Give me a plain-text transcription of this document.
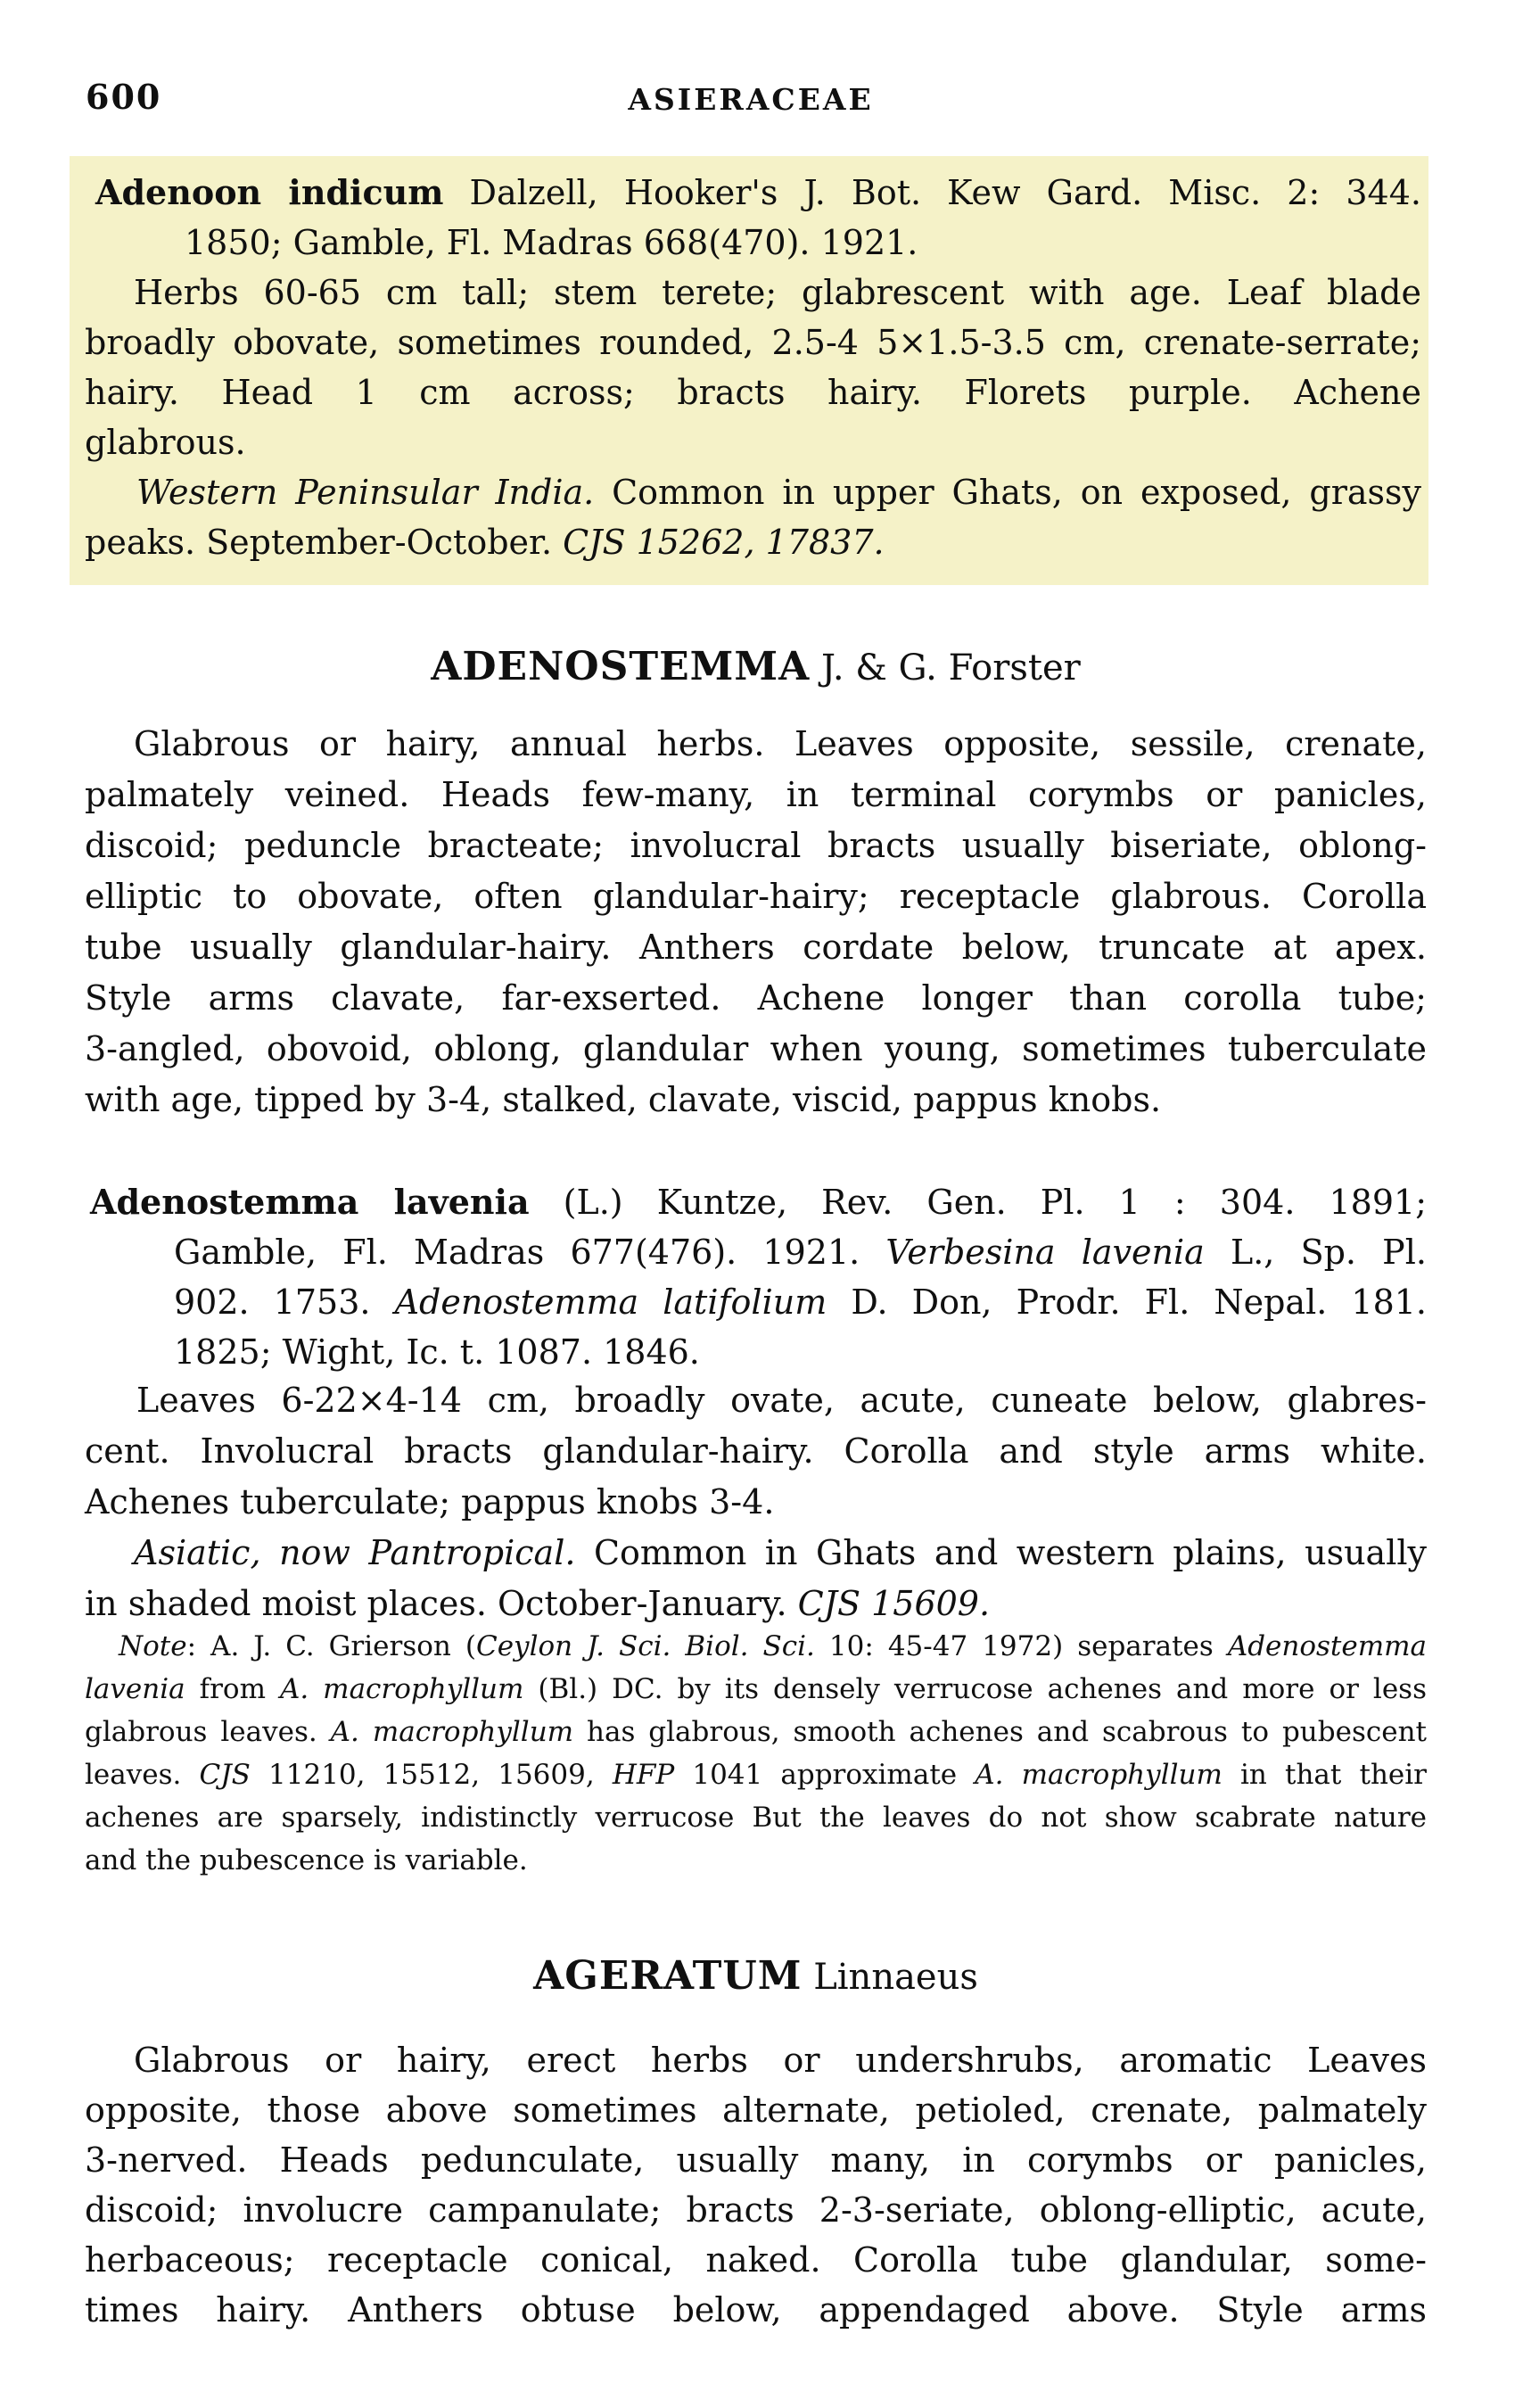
600	ASIERACEAE
Adenoon indicum Dalzell, Hooker's J. Bot. Kew Gard. Misc. 2: 344.
1850; Gamble, Fl. Madras 668(470). 1921.
Herbs 60-65 cm tall; stem terete; glabrescent with age. Leaf blade
broadly obovate, sometimes rounded, 2.5-4 5×1.5-3.5 cm, crenate-serrate;
hairy. Head 1 cm across; bracts hairy. Florets purple. Achene
glabrous.
Western Peninsular India. Common in upper Ghats, on exposed, grassy
peaks. September-October. CJS 15262, 17837.
ADENOSTEMMA J. & G. Forster
Glabrous or hairy, annual herbs. Leaves opposite, sessile, crenate,
palmately veined. Heads few-many, in terminal corymbs or panicles,
discoid; peduncle bracteate; involucral bracts usually biseriate, oblong-
elliptic to obovate, often glandular-hairy; receptacle glabrous. Corolla
tube usually glandular-hairy. Anthers cordate below, truncate at apex.
Style arms clavate, far-exserted. Achene longer than corolla tube;
3-angled, obovoid, oblong, glandular when young, sometimes tuberculate
with age, tipped by 3-4, stalked, clavate, viscid, pappus knobs.
Adenostemma lavenia (L.) Kuntze, Rev. Gen. Pl. 1 : 304. 1891;
Gamble, Fl. Madras 677(476). 1921. Verbesina lavenia L., Sp. Pl.
902. 1753. Adenostemma latifolium D. Don, Prodr. Fl. Nepal. 181.
1825; Wight, Ic. t. 1087. 1846.
Leaves 6-22×4-14 cm, broadly ovate, acute, cuneate below, glabres-
cent. Involucral bracts glandular-hairy. Corolla and style arms white.
Achenes tuberculate; pappus knobs 3-4.
Asiatic, now Pantropical. Common in Ghats and western plains, usually
in shaded moist places. October-January. CJS 15609.
Note: A. J. C. Grierson (Ceylon J. Sci. Biol. Sci. 10: 45-47 1972) separates Adenostemma
lavenia from A. macrophyllum (Bl.) DC. by its densely verrucose achenes and more or less
glabrous leaves. A. macrophyllum has glabrous, smooth achenes and scabrous to pubescent
leaves. CJS 11210, 15512, 15609, HFP 1041 approximate A. macrophyllum in that their
achenes are sparsely, indistinctly verrucose But the leaves do not show scabrate nature
and the pubescence is variable.
AGERATUM Linnaeus
Glabrous or hairy, erect herbs or undershrubs, aromatic Leaves
opposite, those above sometimes alternate, petioled, crenate, palmately
3-nerved. Heads pedunculate, usually many, in corymbs or panicles,
discoid; involucre campanulate; bracts 2-3-seriate, oblong-elliptic, acute,
herbaceous; receptacle conical, naked. Corolla tube glandular, some-
times hairy. Anthers obtuse below, appendaged above. Style arms
